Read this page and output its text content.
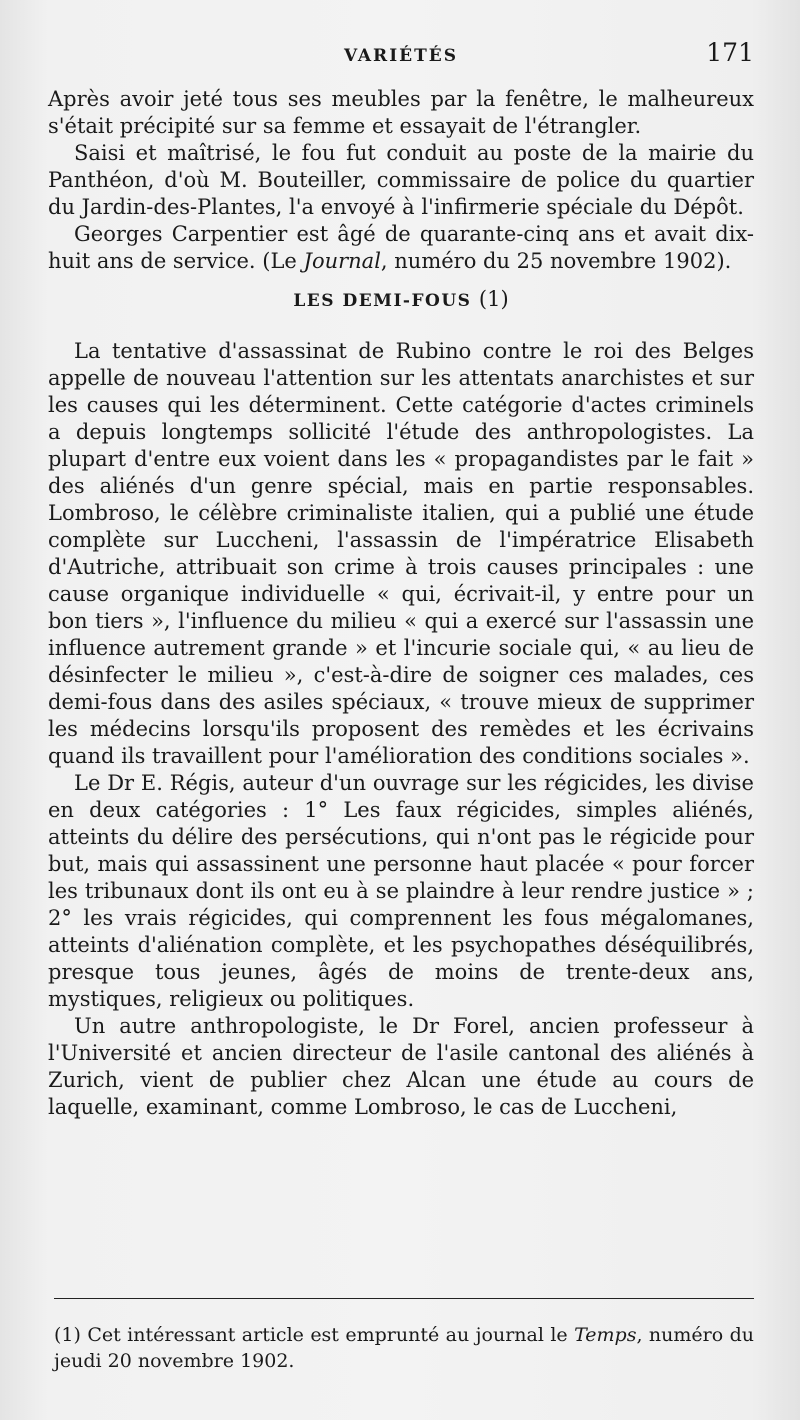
VARIÉTÉS	171

Après avoir jeté tous ses meubles par la fenêtre, le malheureux s'était précipité sur sa femme et essayait de l'étrangler.

Saisi et maîtrisé, le fou fut conduit au poste de la mairie du Panthéon, d'où M. Bouteiller, commissaire de police du quartier du Jardin-des-Plantes, l'a envoyé à l'infirmerie spéciale du Dépôt.

Georges Carpentier est âgé de quarante-cinq ans et avait dix-huit ans de service. (Le Journal, numéro du 25 novembre 1902).

LES DEMI-FOUS (1)

La tentative d'assassinat de Rubino contre le roi des Belges appelle de nouveau l'attention sur les attentats anarchistes et sur les causes qui les déterminent. Cette catégorie d'actes criminels a depuis longtemps sollicité l'étude des anthropologistes. La plupart d'entre eux voient dans les « propagandistes par le fait » des aliénés d'un genre spécial, mais en partie responsables. Lombroso, le célèbre criminaliste italien, qui a publié une étude complète sur Luccheni, l'assassin de l'impératrice Elisabeth d'Autriche, attribuait son crime à trois causes principales : une cause organique individuelle « qui, écrivait-il, y entre pour un bon tiers », l'influence du milieu « qui a exercé sur l'assassin une influence autrement grande » et l'incurie sociale qui, « au lieu de désinfecter le milieu », c'est-à-dire de soigner ces malades, ces demi-fous dans des asiles spéciaux, « trouve mieux de supprimer les médecins lorsqu'ils proposent des remèdes et les écrivains quand ils travaillent pour l'amélioration des conditions sociales ».

Le Dr E. Régis, auteur d'un ouvrage sur les régicides, les divise en deux catégories : 1° Les faux régicides, simples aliénés, atteints du délire des persécutions, qui n'ont pas le régicide pour but, mais qui assassinent une personne haut placée « pour forcer les tribunaux dont ils ont eu à se plaindre à leur rendre justice » ; 2° les vrais régicides, qui comprennent les fous mégalomanes, atteints d'aliénation complète, et les psychopathes déséquilibrés, presque tous jeunes, âgés de moins de trente-deux ans, mystiques, religieux ou politiques.

Un autre anthropologiste, le Dr Forel, ancien professeur à l'Université et ancien directeur de l'asile cantonal des aliénés à Zurich, vient de publier chez Alcan une étude au cours de laquelle, examinant, comme Lombroso, le cas de Luccheni,

(1) Cet intéressant article est emprunté au journal le Temps, numéro du jeudi 20 novembre 1902.
